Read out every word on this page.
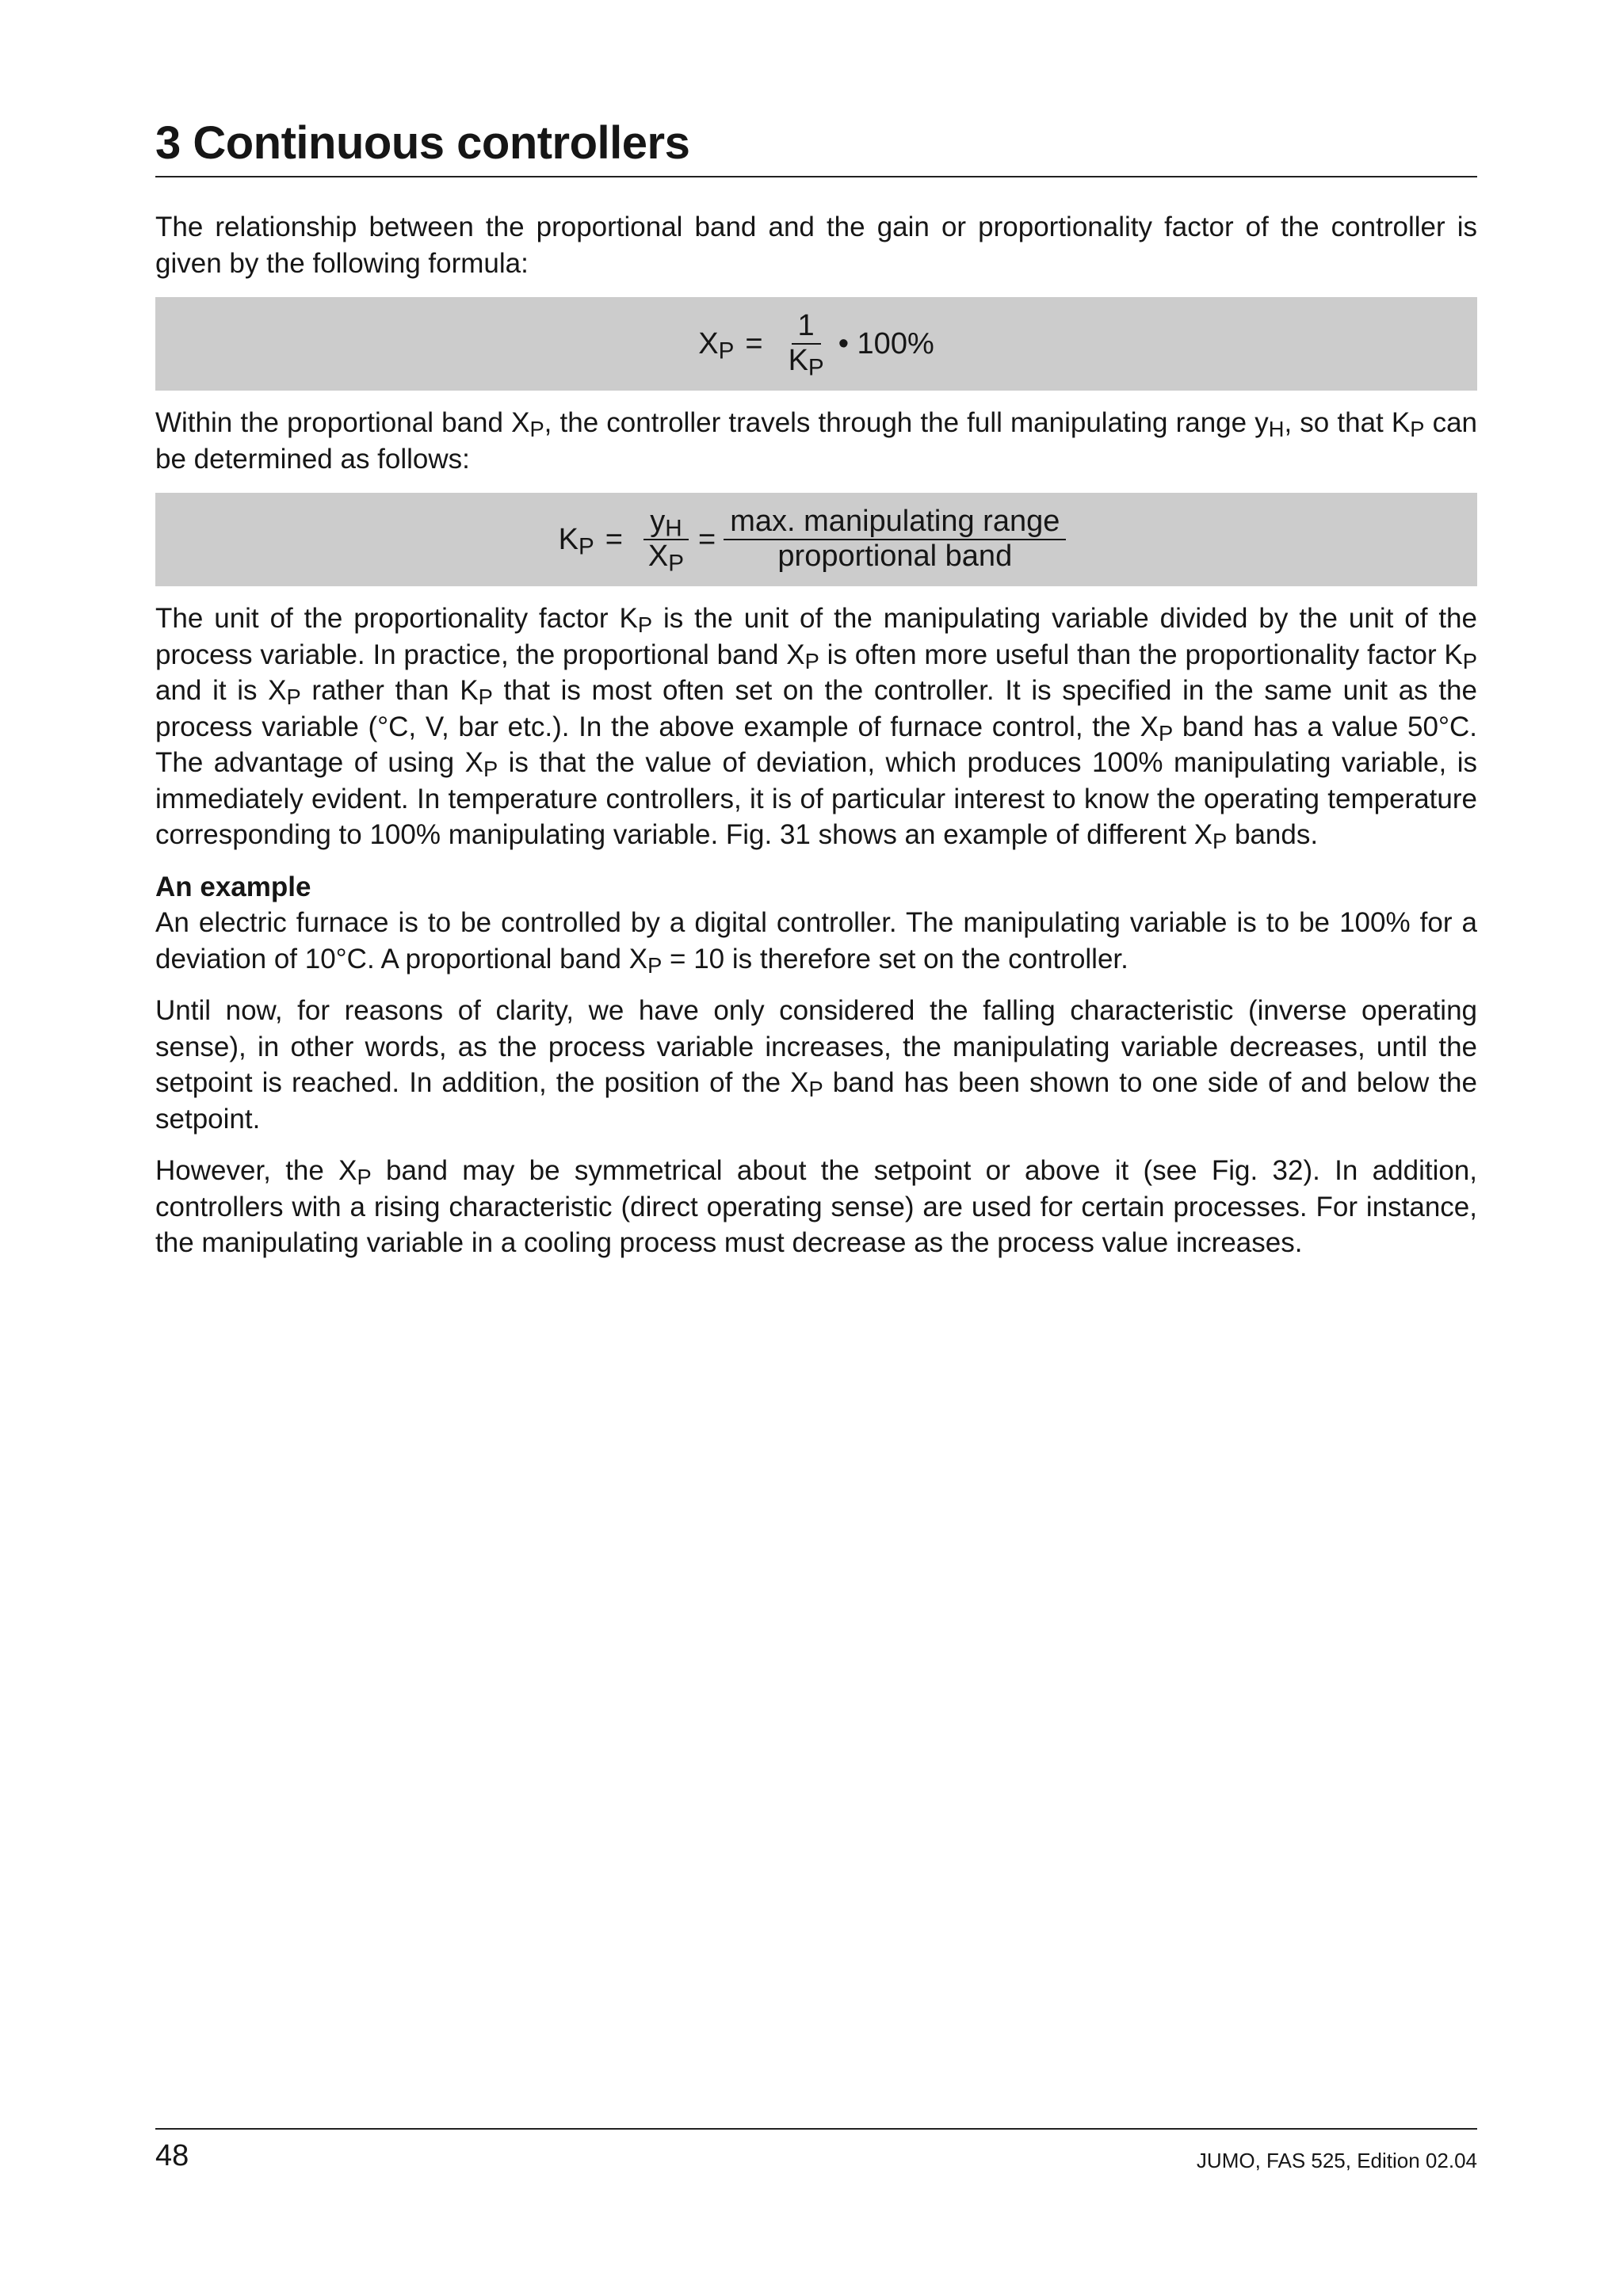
3 Continuous controllers

The relationship between the proportional band and the gain or proportionality factor of the controller is given by the following formula:

$X_P = \frac{1}{K_P}$ • 100%

Within the proportional band $X_P$, the controller travels through the full manipulating range $y_H$, so that $K_P$ can be determined as follows:

$K_P = \frac{y_H}{X_P} = \frac{\text{max. manipulating range}}{\text{proportional band}}$

The unit of the proportionality factor $K_P$ is the unit of the manipulating variable divided by the unit of the process variable. In practice, the proportional band $X_P$ is often more useful than the proportionality factor $K_P$ and it is $X_P$ rather than $K_P$ that is most often set on the controller. It is specified in the same unit as the process variable (°C, V, bar etc.). In the above example of furnace control, the $X_P$ band has a value 50°C. The advantage of using $X_P$ is that the value of deviation, which produces 100% manipulating variable, is immediately evident. In temperature controllers, it is of particular interest to know the operating temperature corresponding to 100% manipulating variable. Fig. 31 shows an example of different $X_P$ bands.

An example

An electric furnace is to be controlled by a digital controller. The manipulating variable is to be 100% for a deviation of 10°C. A proportional band $X_P = 10$ is therefore set on the controller.

Until now, for reasons of clarity, we have only considered the falling characteristic (inverse operating sense), in other words, as the process variable increases, the manipulating variable decreases, until the setpoint is reached. In addition, the position of the $X_P$ band has been shown to one side of and below the setpoint.

However, the $X_P$ band may be symmetrical about the setpoint or above it (see Fig. 32). In addition, controllers with a rising characteristic (direct operating sense) are used for certain processes. For instance, the manipulating variable in a cooling process must decrease as the process value increases.

48	JUMO, FAS 525, Edition 02.04
